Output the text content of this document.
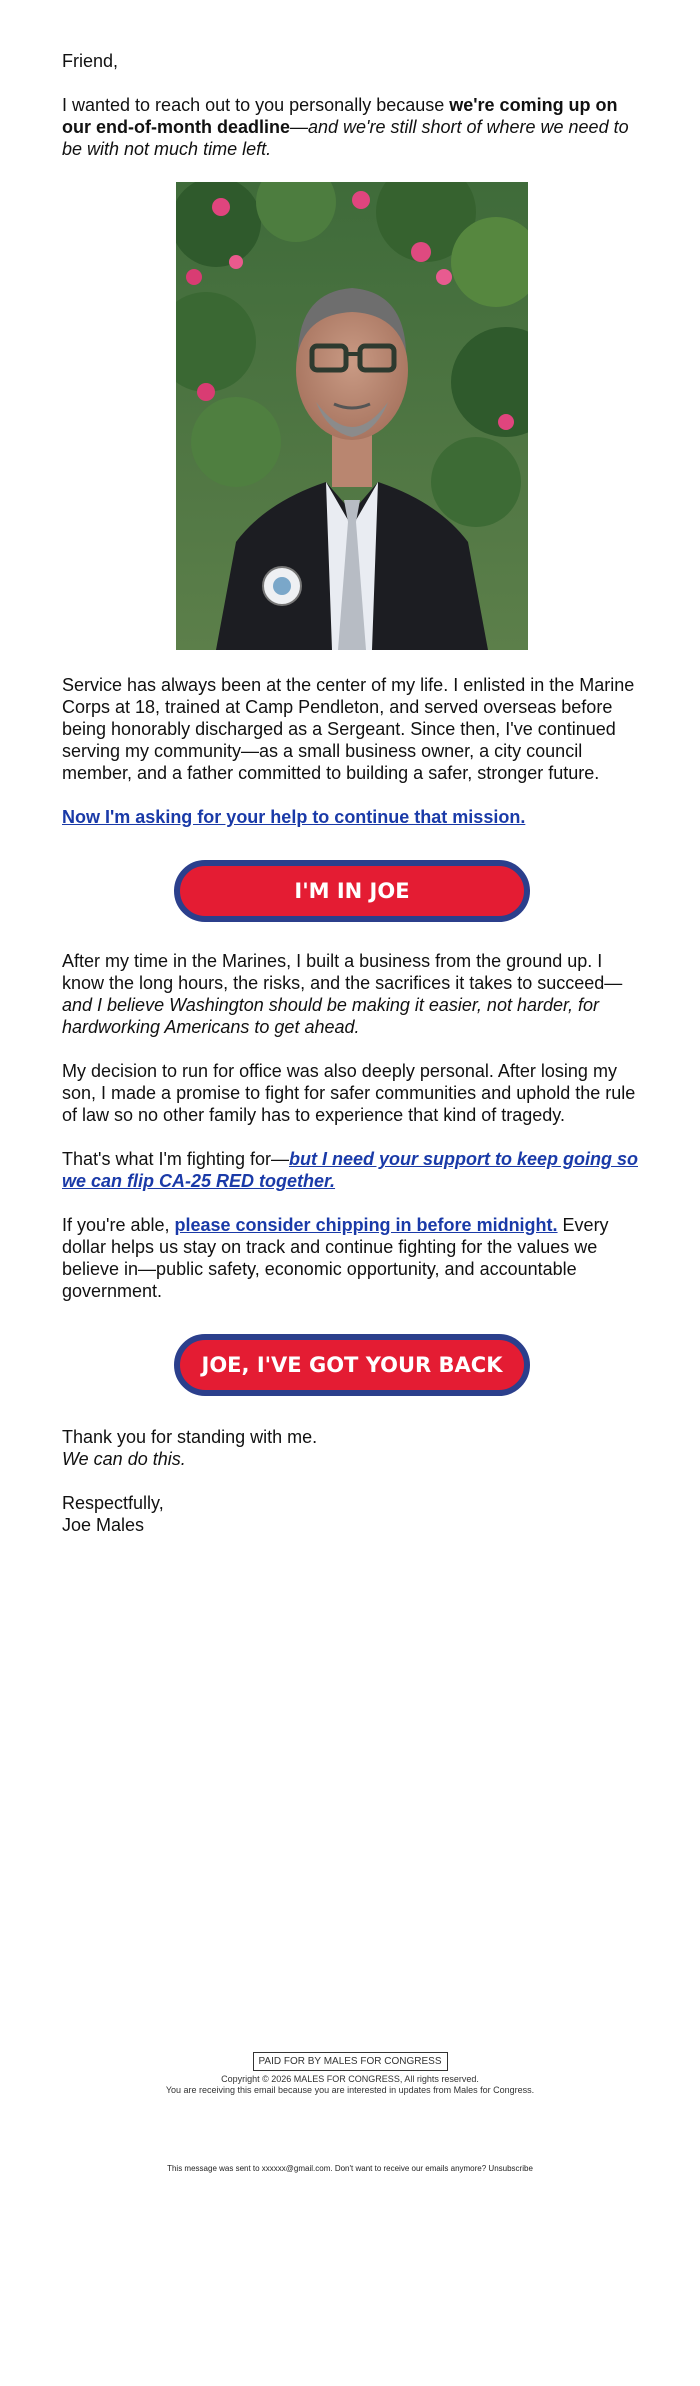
Friend,

I wanted to reach out to you personally because we're coming up on our end-of-month deadline—and we're still short of where we need to be with not much time left.

Service has always been at the center of my life. I enlisted in the Marine Corps at 18, trained at Camp Pendleton, and served overseas before being honorably discharged as a Sergeant. Since then, I've continued serving my community—as a small business owner, a city council member, and a father committed to building a safer, stronger future.

Now I'm asking for your help to continue that mission.

I'M IN JOE

After my time in the Marines, I built a business from the ground up. I know the long hours, the risks, and the sacrifices it takes to succeed—and I believe Washington should be making it easier, not harder, for hardworking Americans to get ahead.

My decision to run for office was also deeply personal. After losing my son, I made a promise to fight for safer communities and uphold the rule of law so no other family has to experience that kind of tragedy.

That's what I'm fighting for—but I need your support to keep going so we can flip CA-25 RED together.

If you're able, please consider chipping in before midnight. Every dollar helps us stay on track and continue fighting for the values we believe in—public safety, economic opportunity, and accountable government.

JOE, I'VE GOT YOUR BACK

Thank you for standing with me.

We can do this.

Respectfully,

Joe Males

PAID FOR BY MALES FOR CONGRESS
Copyright © 2026 MALES FOR CONGRESS, All rights reserved.
You are receiving this email because you are interested in updates from Males for Congress.
This message was sent to xxxxxx@gmail.com. Don't want to receive our emails anymore? Unsubscribe
